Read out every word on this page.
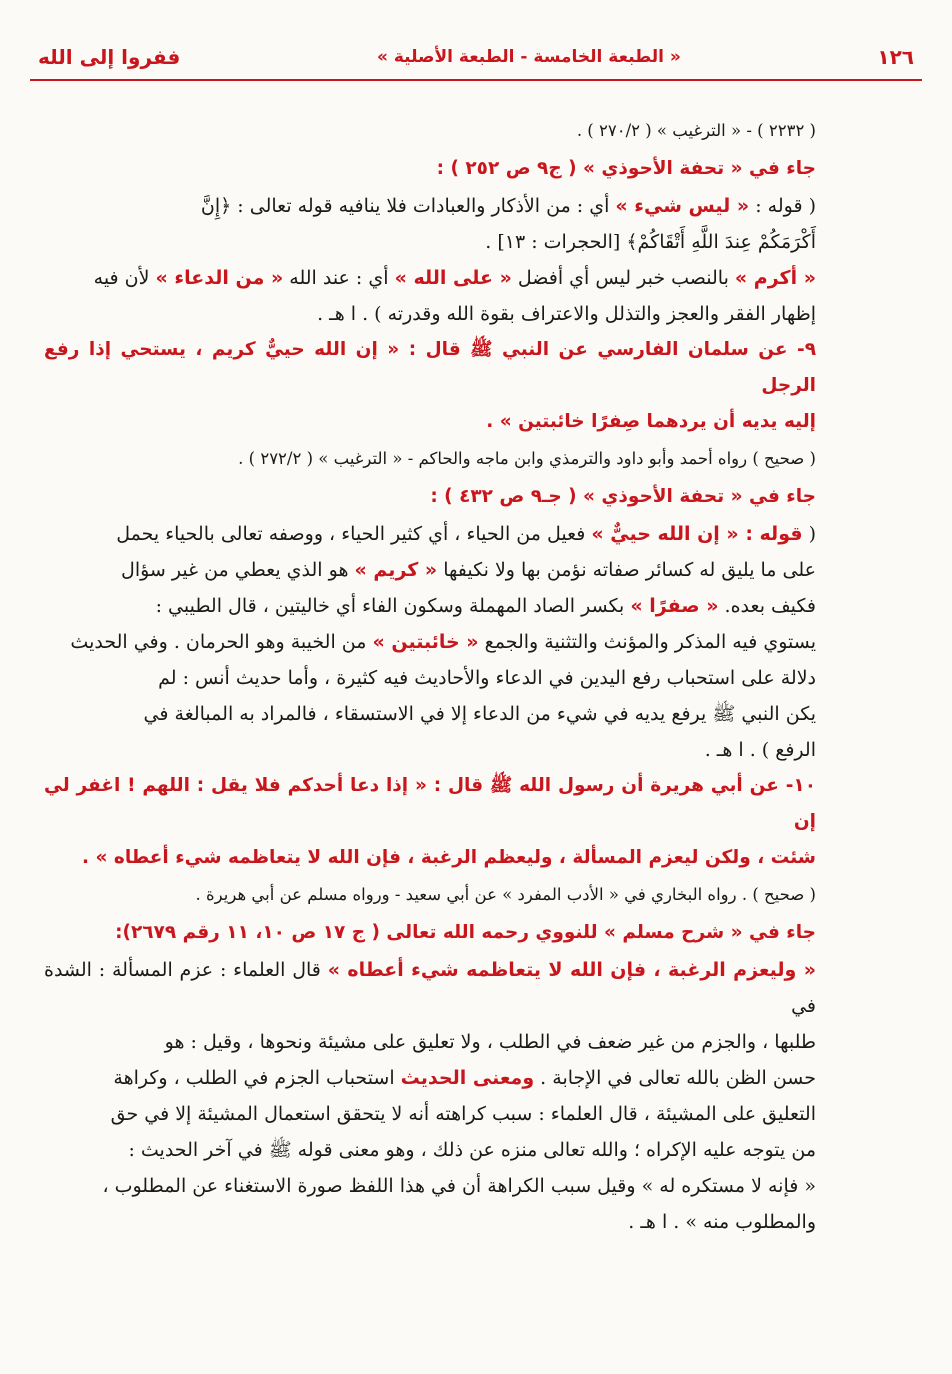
١٢٦
« الطبعة الخامسة - الطبعة الأصلية »
ففروا إلى الله

( ٢٢٣٢ ) - « الترغيب » ( ٢٧٠/٢ ) .

جاء في « تحفة الأحوذي » ( ج٩ ص ٢٥٢ ) :

( قوله : « ليس شيء » أي : من الأذكار والعبادات فلا ينافيه قوله تعالى : ﴿إِنَّ

أَكْرَمَكُمْ عِندَ اللَّهِ أَتْقَاكُمْ﴾ [الحجرات : ١٣] .

« أكرم » بالنصب خبر ليس أي أفضل « على الله » أي : عند الله « من الدعاء » لأن فيه

إظهار الفقر والعجز والتذلل والاعتراف بقوة الله وقدرته ) . ا هـ .

٩- عن سلمان الفارسي عن النبي ﷺ قال : « إن الله حييٌّ كريم ، يستحي إذا رفع الرجل

إليه يديه أن يردهما صِفرًا خائبتين » .

( صحيح ) رواه أحمد وأبو داود والترمذي وابن ماجه والحاكم - « الترغيب » ( ٢٧٢/٢ ) .

جاء في « تحفة الأحوذي » ( جـ٩ ص ٤٣٢ ) :

( قوله : « إن الله حييٌّ » فعيل من الحياء ، أي كثير الحياء ، ووصفه تعالى بالحياء يحمل

على ما يليق له كسائر صفاته نؤمن بها ولا نكيفها « كريم » هو الذي يعطي من غير سؤال

فكيف بعده. « صفرًا » بكسر الصاد المهملة وسكون الفاء أي خاليتين ، قال الطيبي :

يستوي فيه المذكر والمؤنث والتثنية والجمع « خائبتين » من الخيبة وهو الحرمان . وفي الحديث

دلالة على استحباب رفع اليدين في الدعاء والأحاديث فيه كثيرة ، وأما حديث أنس : لم

يكن النبي ﷺ يرفع يديه في شيء من الدعاء إلا في الاستسقاء ، فالمراد به المبالغة في

الرفع ) . ا هـ .

١٠- عن أبي هريرة أن رسول الله ﷺ قال : « إذا دعا أحدكم فلا يقل : اللهم ! اغفر لي إن

شئت ، ولكن ليعزم المسألة ، وليعظم الرغبة ، فإن الله لا يتعاظمه شيء أعطاه » .

( صحيح ) . رواه البخاري في « الأدب المفرد » عن أبي سعيد - ورواه مسلم عن أبي هريرة .

جاء في « شرح مسلم » للنووي رحمه الله تعالى ( ج ١٧ ص ١٠، ١١ رقم ٢٦٧٩):

« وليعزم الرغبة ، فإن الله لا يتعاظمه شيء أعطاه » قال العلماء : عزم المسألة : الشدة في

طلبها ، والجزم من غير ضعف في الطلب ، ولا تعليق على مشيئة ونحوها ، وقيل : هو

حسن الظن بالله تعالى في الإجابة . ومعنى الحديث استحباب الجزم في الطلب ، وكراهة

التعليق على المشيئة ، قال العلماء : سبب كراهته أنه لا يتحقق استعمال المشيئة إلا في حق

من يتوجه عليه الإكراه ؛ والله تعالى منزه عن ذلك ، وهو معنى قوله ﷺ في آخر الحديث :

« فإنه لا مستكره له » وقيل سبب الكراهة أن في هذا اللفظ صورة الاستغناء عن المطلوب ،

والمطلوب منه » . ا هـ .
